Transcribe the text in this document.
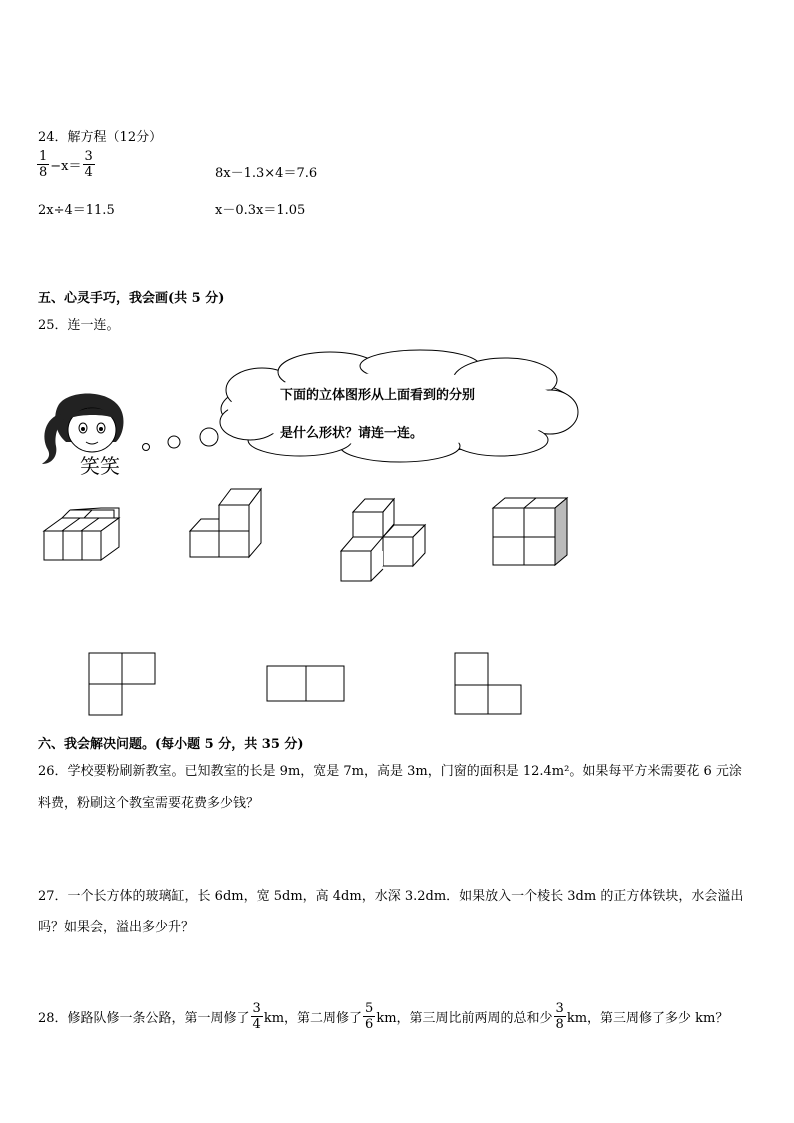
24．解方程（12分）
$\frac{1}{8} -x= \frac{3}{4}$	8x－1.3×4＝7.6
2x÷4＝11.5	x－0.3x＝1.05
五、心灵手巧，我会画(共 5 分)
25．连一连。
下面的立体图形从上面看到的分别
是什么形状？请连一连。
笑笑
六、我会解决问题。(每小题 5 分，共 35 分)
26．学校要粉刷新教室。已知教室的长是 9m，宽是 7m，高是 3m，门窗的面积是 12.4m²。如果每平方米需要花 6 元涂
料费，粉刷这个教室需要花费多少钱？
27．一个长方体的玻璃缸，长 6dm，宽 5dm，高 4dm，水深 3.2dm．如果放入一个棱长 3dm 的正方体铁块，水会溢出
吗？如果会，溢出多少升？
28．修路队修一条公路，第一周修了 $\frac{3}{4}$ km，第二周修了 $\frac{5}{6}$ km，第三周比前两周的总和少 $\frac{3}{8}$ km，第三周修了多少 km？
